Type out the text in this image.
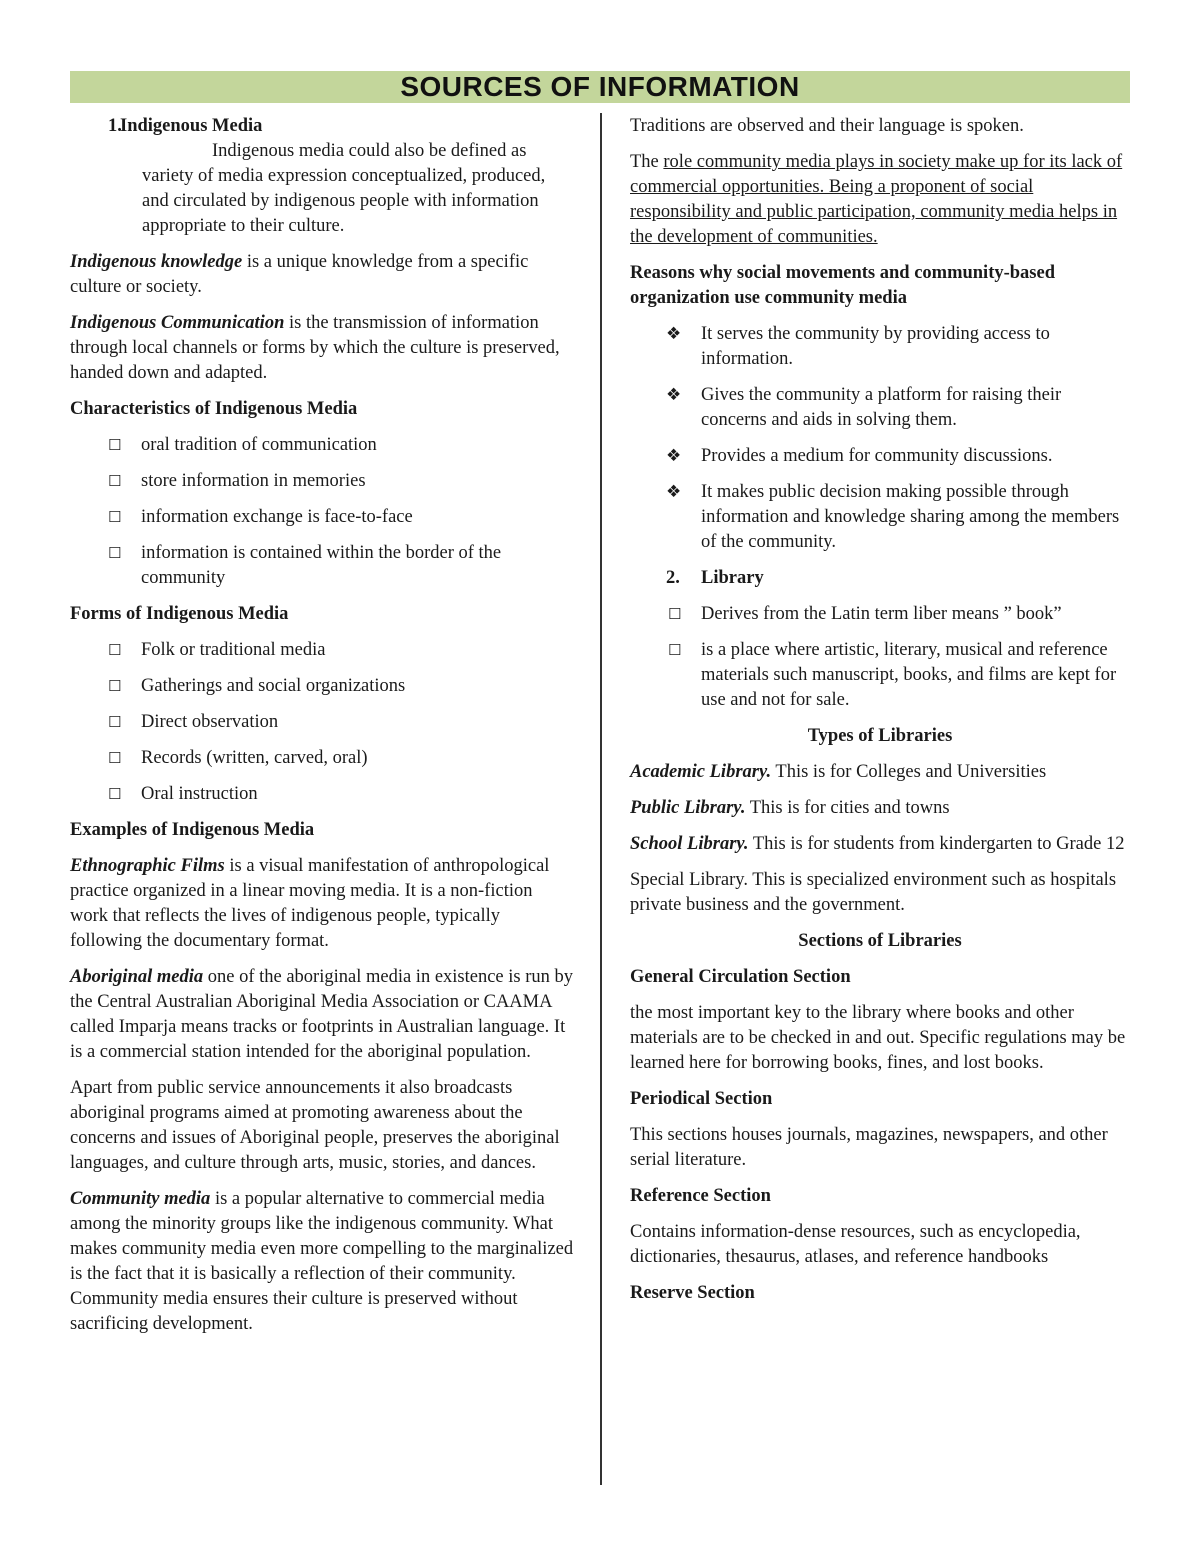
SOURCES OF INFORMATION
1.
Indigenous Media
Indigenous media could also be defined as variety of media expression conceptualized, produced, and circulated by indigenous people with information appropriate to their culture.

Indigenous knowledge is a unique knowledge from a specific culture or society.

Indigenous Communication is the transmission of information through local channels or forms by which the culture is preserved, handed down and adapted.

Characteristics of Indigenous Media

☐	oral tradition of communication
☐	store information in memories
☐	information exchange is face-to-face
☐	information is contained within the border of the community

Forms of Indigenous Media

☐	Folk or traditional media
☐	Gatherings and social organizations
☐	Direct observation
☐	Records (written, carved, oral)
☐	Oral instruction

Examples of Indigenous Media

Ethnographic Films is a visual manifestation of anthropological practice organized in a linear moving media. It is a non-fiction work that reflects the lives of indigenous people, typically following the documentary format.

Aboriginal media one of the aboriginal media in existence is run by the Central Australian Aboriginal Media Association or CAAMA called Imparja means tracks or footprints in Australian language. It is a commercial station intended for the aboriginal population.

Apart from public service announcements it also broadcasts aboriginal programs aimed at promoting awareness about the concerns and issues of Aboriginal people, preserves the aboriginal languages, and culture through arts, music, stories, and dances.

Community media is a popular alternative to commercial media among the minority groups like the indigenous community. What makes community media even more compelling to the marginalized is the fact that it is basically a reflection of their community. Community media ensures their culture is preserved without sacrificing development.

Traditions are observed and their language is spoken.

The role community media plays in society make up for its lack of commercial opportunities. Being a proponent of social responsibility and public participation, community media helps in the development of communities.

Reasons why social movements and community-based organization use community media

❖	It serves the community by providing access to information.
❖	Gives the community a platform for raising their concerns and aids in solving them.
❖	Provides a medium for community discussions.
❖	It makes public decision making possible through information and knowledge sharing among the members of the community.
2.	Library
☐	Derives from the Latin term liber means ” book”
☐	is a place where artistic, literary, musical and reference materials such manuscript, books, and films are kept for use and not for sale.

Types of Libraries

Academic Library. This is for Colleges and Universities

Public Library. This is for cities and towns

School Library. This is for students from kindergarten to Grade 12

Special Library. This is specialized environment such as hospitals private business and the government.

Sections of Libraries

General Circulation Section

the most important key to the library where books and other materials are to be checked in and out. Specific regulations may be learned here for borrowing books, fines, and lost books.

Periodical Section

This sections houses journals, magazines, newspapers, and other serial literature.

Reference Section

Contains information-dense resources, such as encyclopedia, dictionaries, thesaurus, atlases, and reference handbooks

Reserve Section
